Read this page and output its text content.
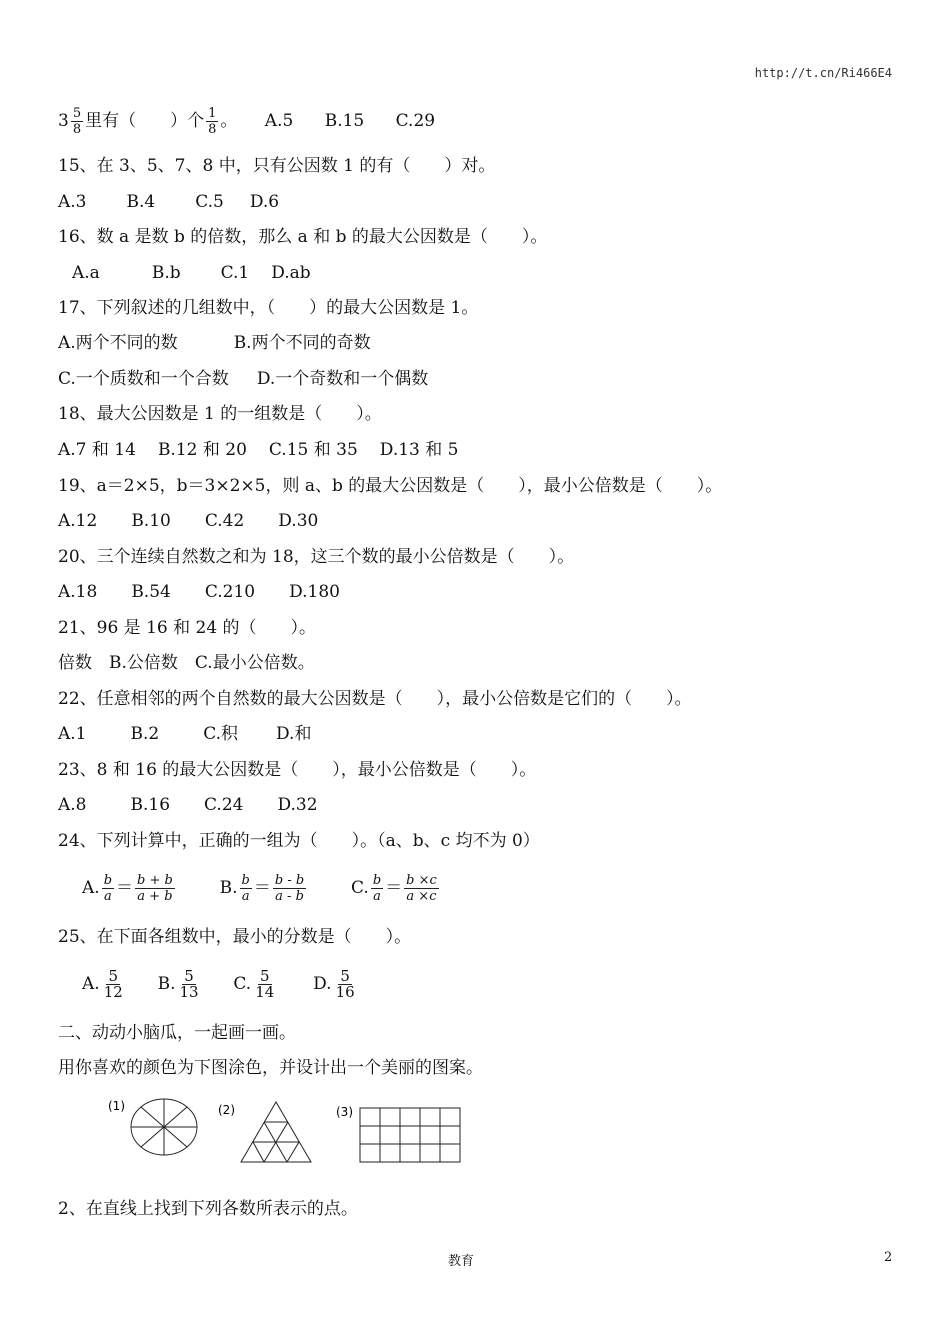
http://t.cn/Ri466E4
$3 \frac{5}{8}$ 里有（　　）个 $\frac{1}{8}$ 。 A.5 B.15 C.29
15、在 3、5、7、8 中，只有公因数 1 的有（　　）对。
A.3 B.4 C.5 D.6
16、数 a 是数 b 的倍数，那么 a 和 b 的最大公因数是（　　）。
A.a	B.b C.1 D.ab
17、下列叙述的几组数中，（　　）的最大公因数是 1。
A.两个不同的数	B.两个不同的奇数
C.一个质数和一个合数 D.一个奇数和一个偶数
18、最大公因数是 1 的一组数是（　　）。
A.7 和 14 B.12 和 20 C.15 和 35 D.13 和 5
19、a＝2×5，b＝3×2×5，则 a、b 的最大公因数是（　　），最小公倍数是（　　）。
A.12 B.10 C.42 D.30
20、三个连续自然数之和为 18，这三个数的最小公倍数是（　　）。
A.18 B.54 C.210 D.180
21、96 是 16 和 24 的（　　）。
倍数　B.公倍数　C.最小公倍数。
22、任意相邻的两个自然数的最大公因数是（　　），最小公倍数是它们的（　　）。
A.1	B.2	C.积 D.和
23、8 和 16 的最大公因数是（　　），最小公倍数是（　　）。
A.8	B.16 C.24 D.32
24、下列计算中，正确的一组为（　　）。（a、b、c 均不为 0）
A. $\frac{b}{a} = \frac{b + b}{a + b}$	B. $\frac{b}{a} = \frac{b - b}{a - b}$	C. $\frac{b}{a} = \frac{b \times c}{a \times c}$
25、在下面各组数中，最小的分数是（　　）。
A. $\frac{5}{12} B$. $\frac{5}{13} C$. $\frac{5}{14} D$. $\frac{5}{16}$
二、动动小脑瓜，一起画一画。
用你喜欢的颜色为下图涂色，并设计出一个美丽的图案。
(1)	(2)	(3)
2、在直线上找到下列各数所表示的点。
教育	2
